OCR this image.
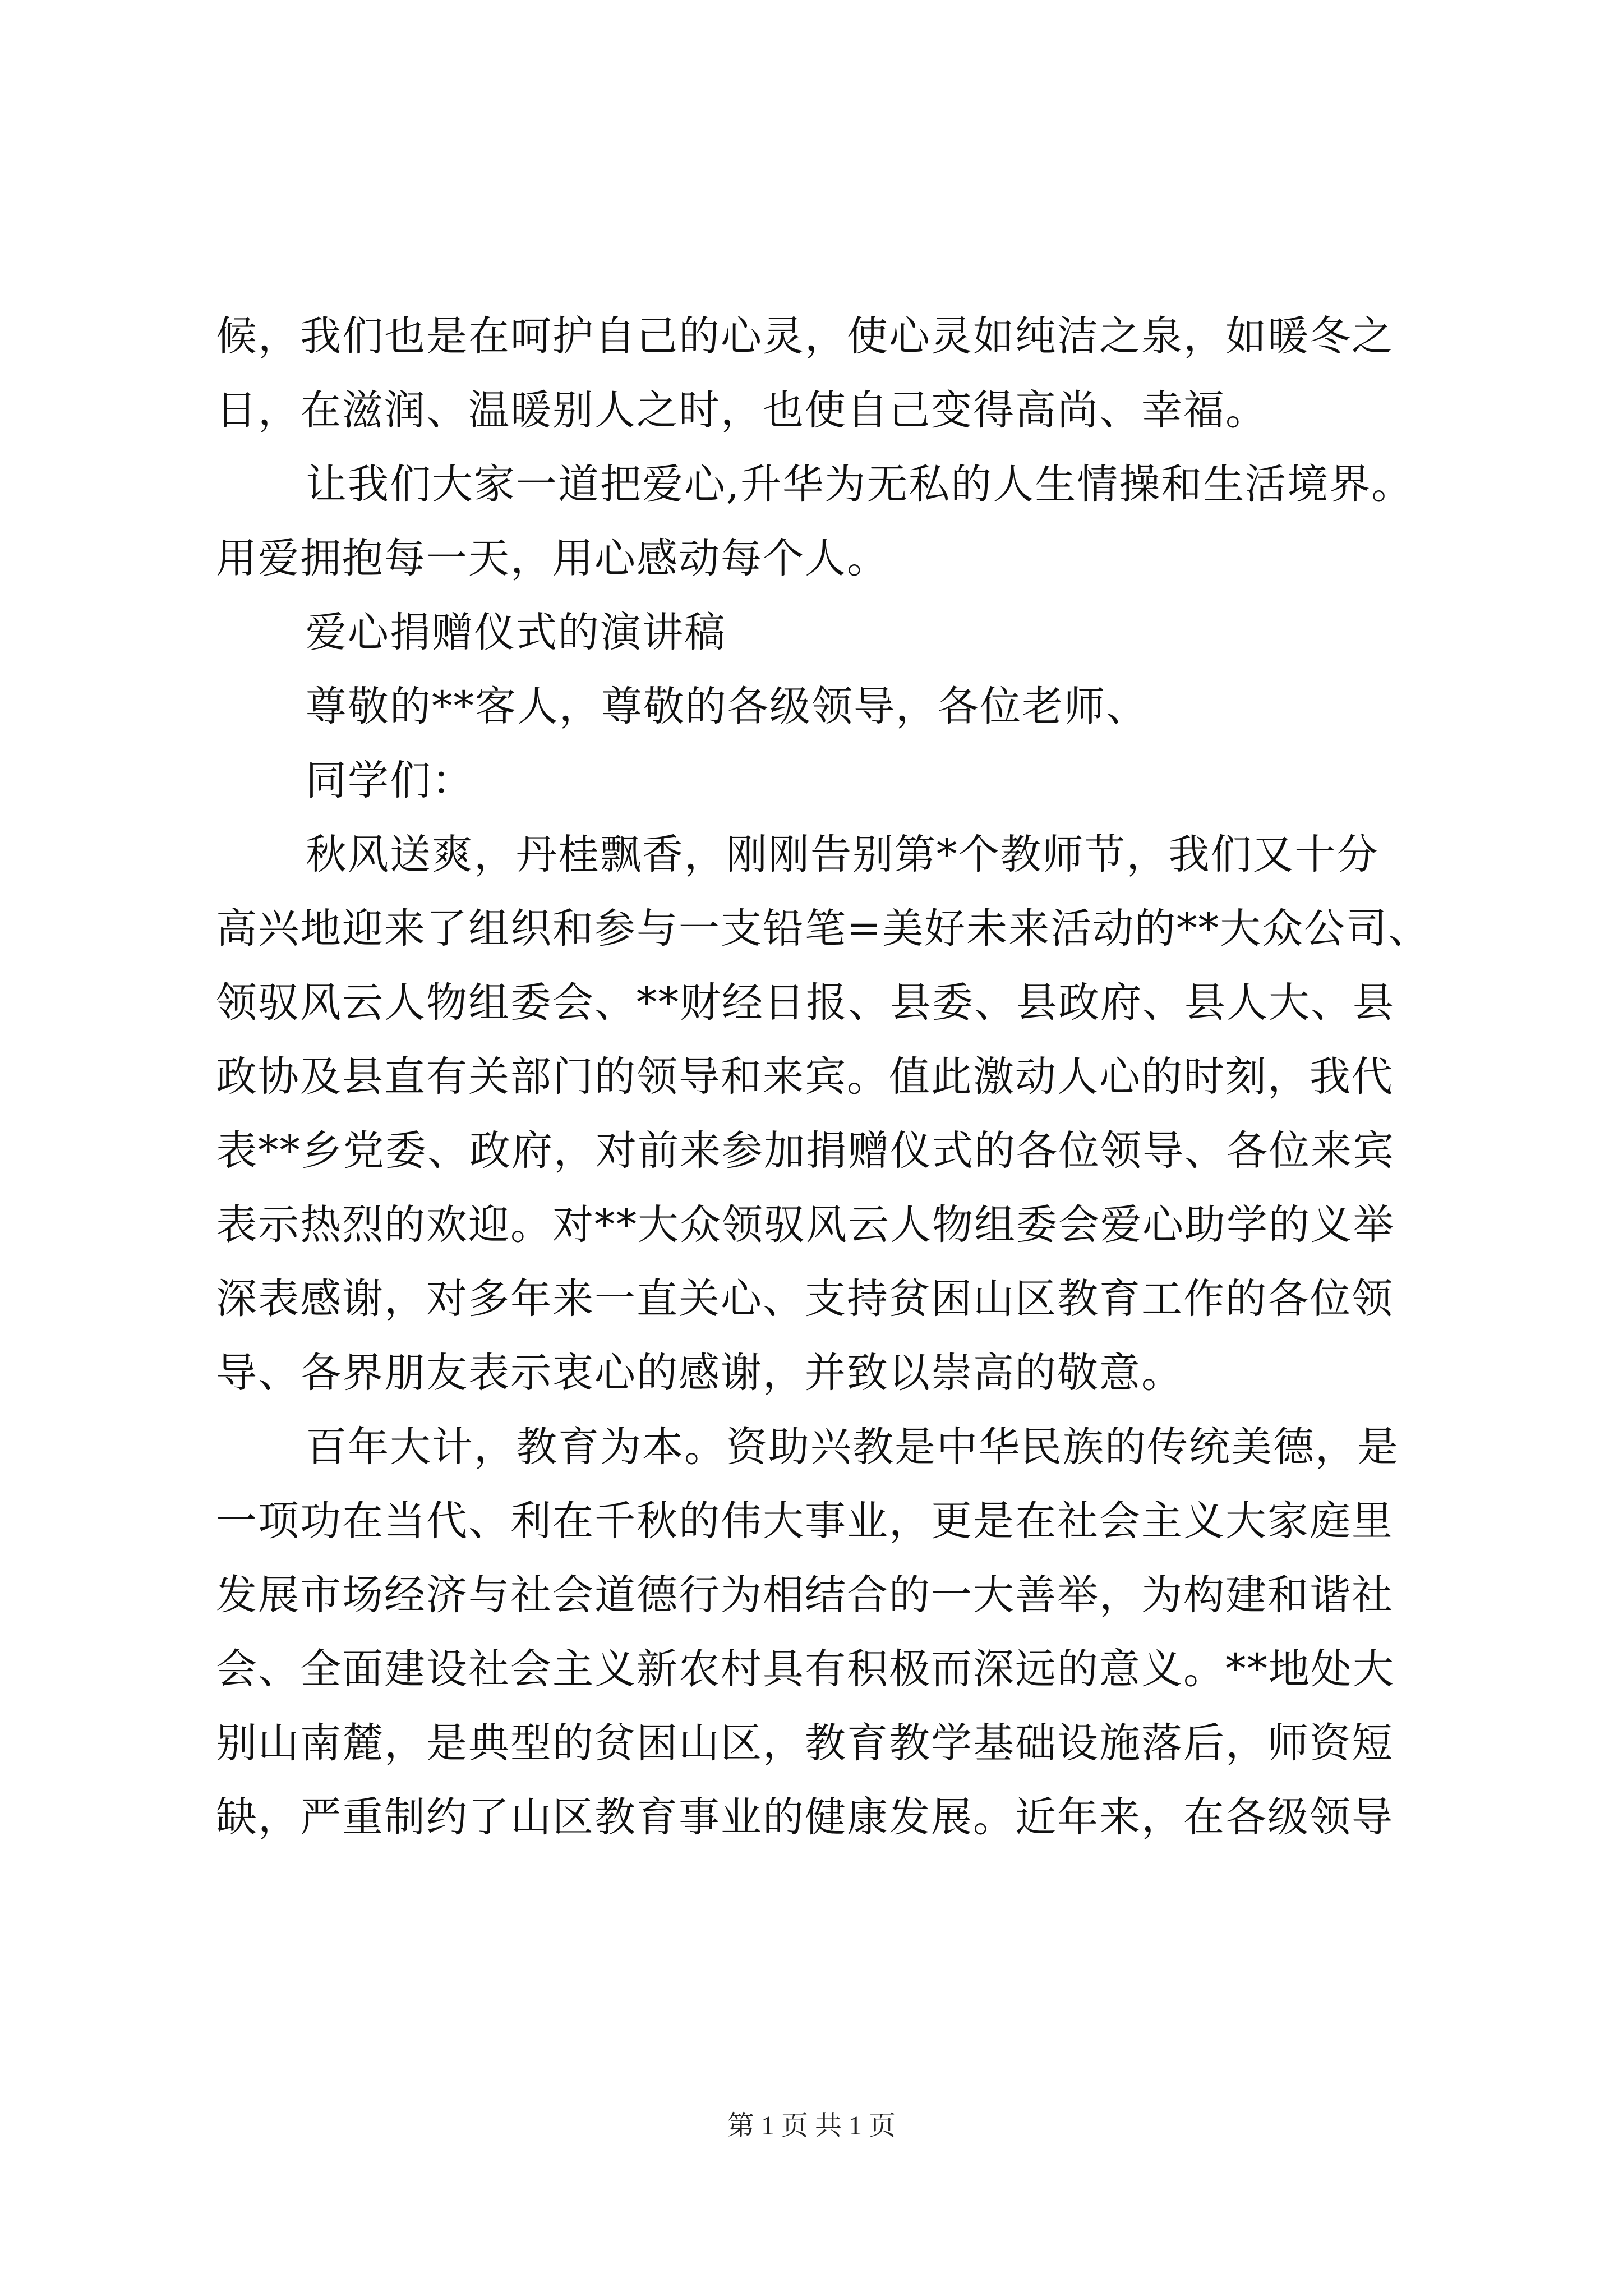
候，我们也是在呵护自己的心灵，使心灵如纯洁之泉，如暖冬之

日，在滋润、温暖别人之时，也使自己变得高尚、幸福。

让我们大家一道把爱心,升华为无私的人生情操和生活境界。

用爱拥抱每一天，用心感动每个人。

爱心捐赠仪式的演讲稿

尊敬的**客人，尊敬的各级领导，各位老师、

同学们：

秋风送爽，丹桂飘香，刚刚告别第*个教师节，我们又十分

高兴地迎来了组织和参与一支铅笔=美好未来活动的**大众公司、

领驭风云人物组委会、**财经日报、县委、县政府、县人大、县

政协及县直有关部门的领导和来宾。值此激动人心的时刻，我代

表**乡党委、政府，对前来参加捐赠仪式的各位领导、各位来宾

表示热烈的欢迎。对**大众领驭风云人物组委会爱心助学的义举

深表感谢，对多年来一直关心、支持贫困山区教育工作的各位领

导、各界朋友表示衷心的感谢，并致以崇高的敬意。

百年大计，教育为本。资助兴教是中华民族的传统美德，是

一项功在当代、利在千秋的伟大事业，更是在社会主义大家庭里

发展市场经济与社会道德行为相结合的一大善举，为构建和谐社

会、全面建设社会主义新农村具有积极而深远的意义。**地处大

别山南麓，是典型的贫困山区，教育教学基础设施落后，师资短

缺，严重制约了山区教育事业的健康发展。近年来，在各级领导

第 1 页 共 1 页
